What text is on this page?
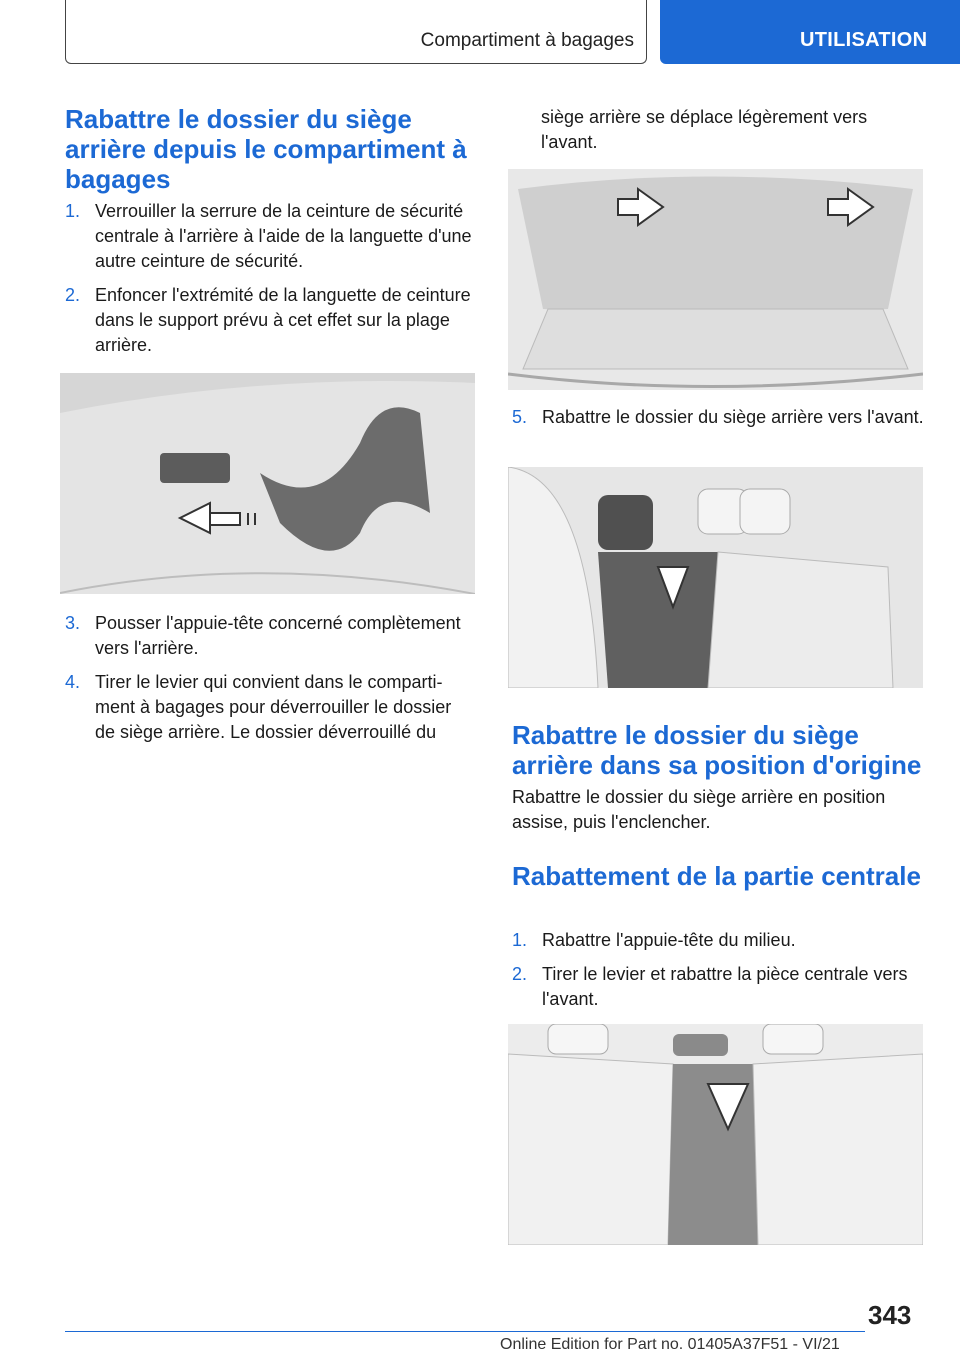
Compartiment à bagages	UTILISATION
Rabattre le dossier du siège arrière depuis le compartiment à bagages
1. Verrouiller la serrure de la ceinture de sécurité centrale à l'arrière à l'aide de la languette d'une autre ceinture de sécurité.
2. Enfoncer l'extrémité de la languette de ceinture dans le support prévu à cet effet sur la plage arrière.
3. Pousser l'appuie-tête concerné complètement vers l'arrière.
4. Tirer le levier qui convient dans le compartiment à bagages pour déverrouiller le dossier de siège arrière. Le dossier déverrouillé du

siège arrière se déplace légèrement vers l'avant.

5. Rabattre le dossier du siège arrière vers l'avant.
Rabattre le dossier du siège arrière dans sa position d'origine

Rabattre le dossier du siège arrière en position assise, puis l'enclencher.

Rabattement de la partie centrale
1. Rabattre l'appuie-tête du milieu.
2. Tirer le levier et rabattre la pièce centrale vers l'avant.
343
Online Edition for Part no. 01405A37F51 - VI/21
